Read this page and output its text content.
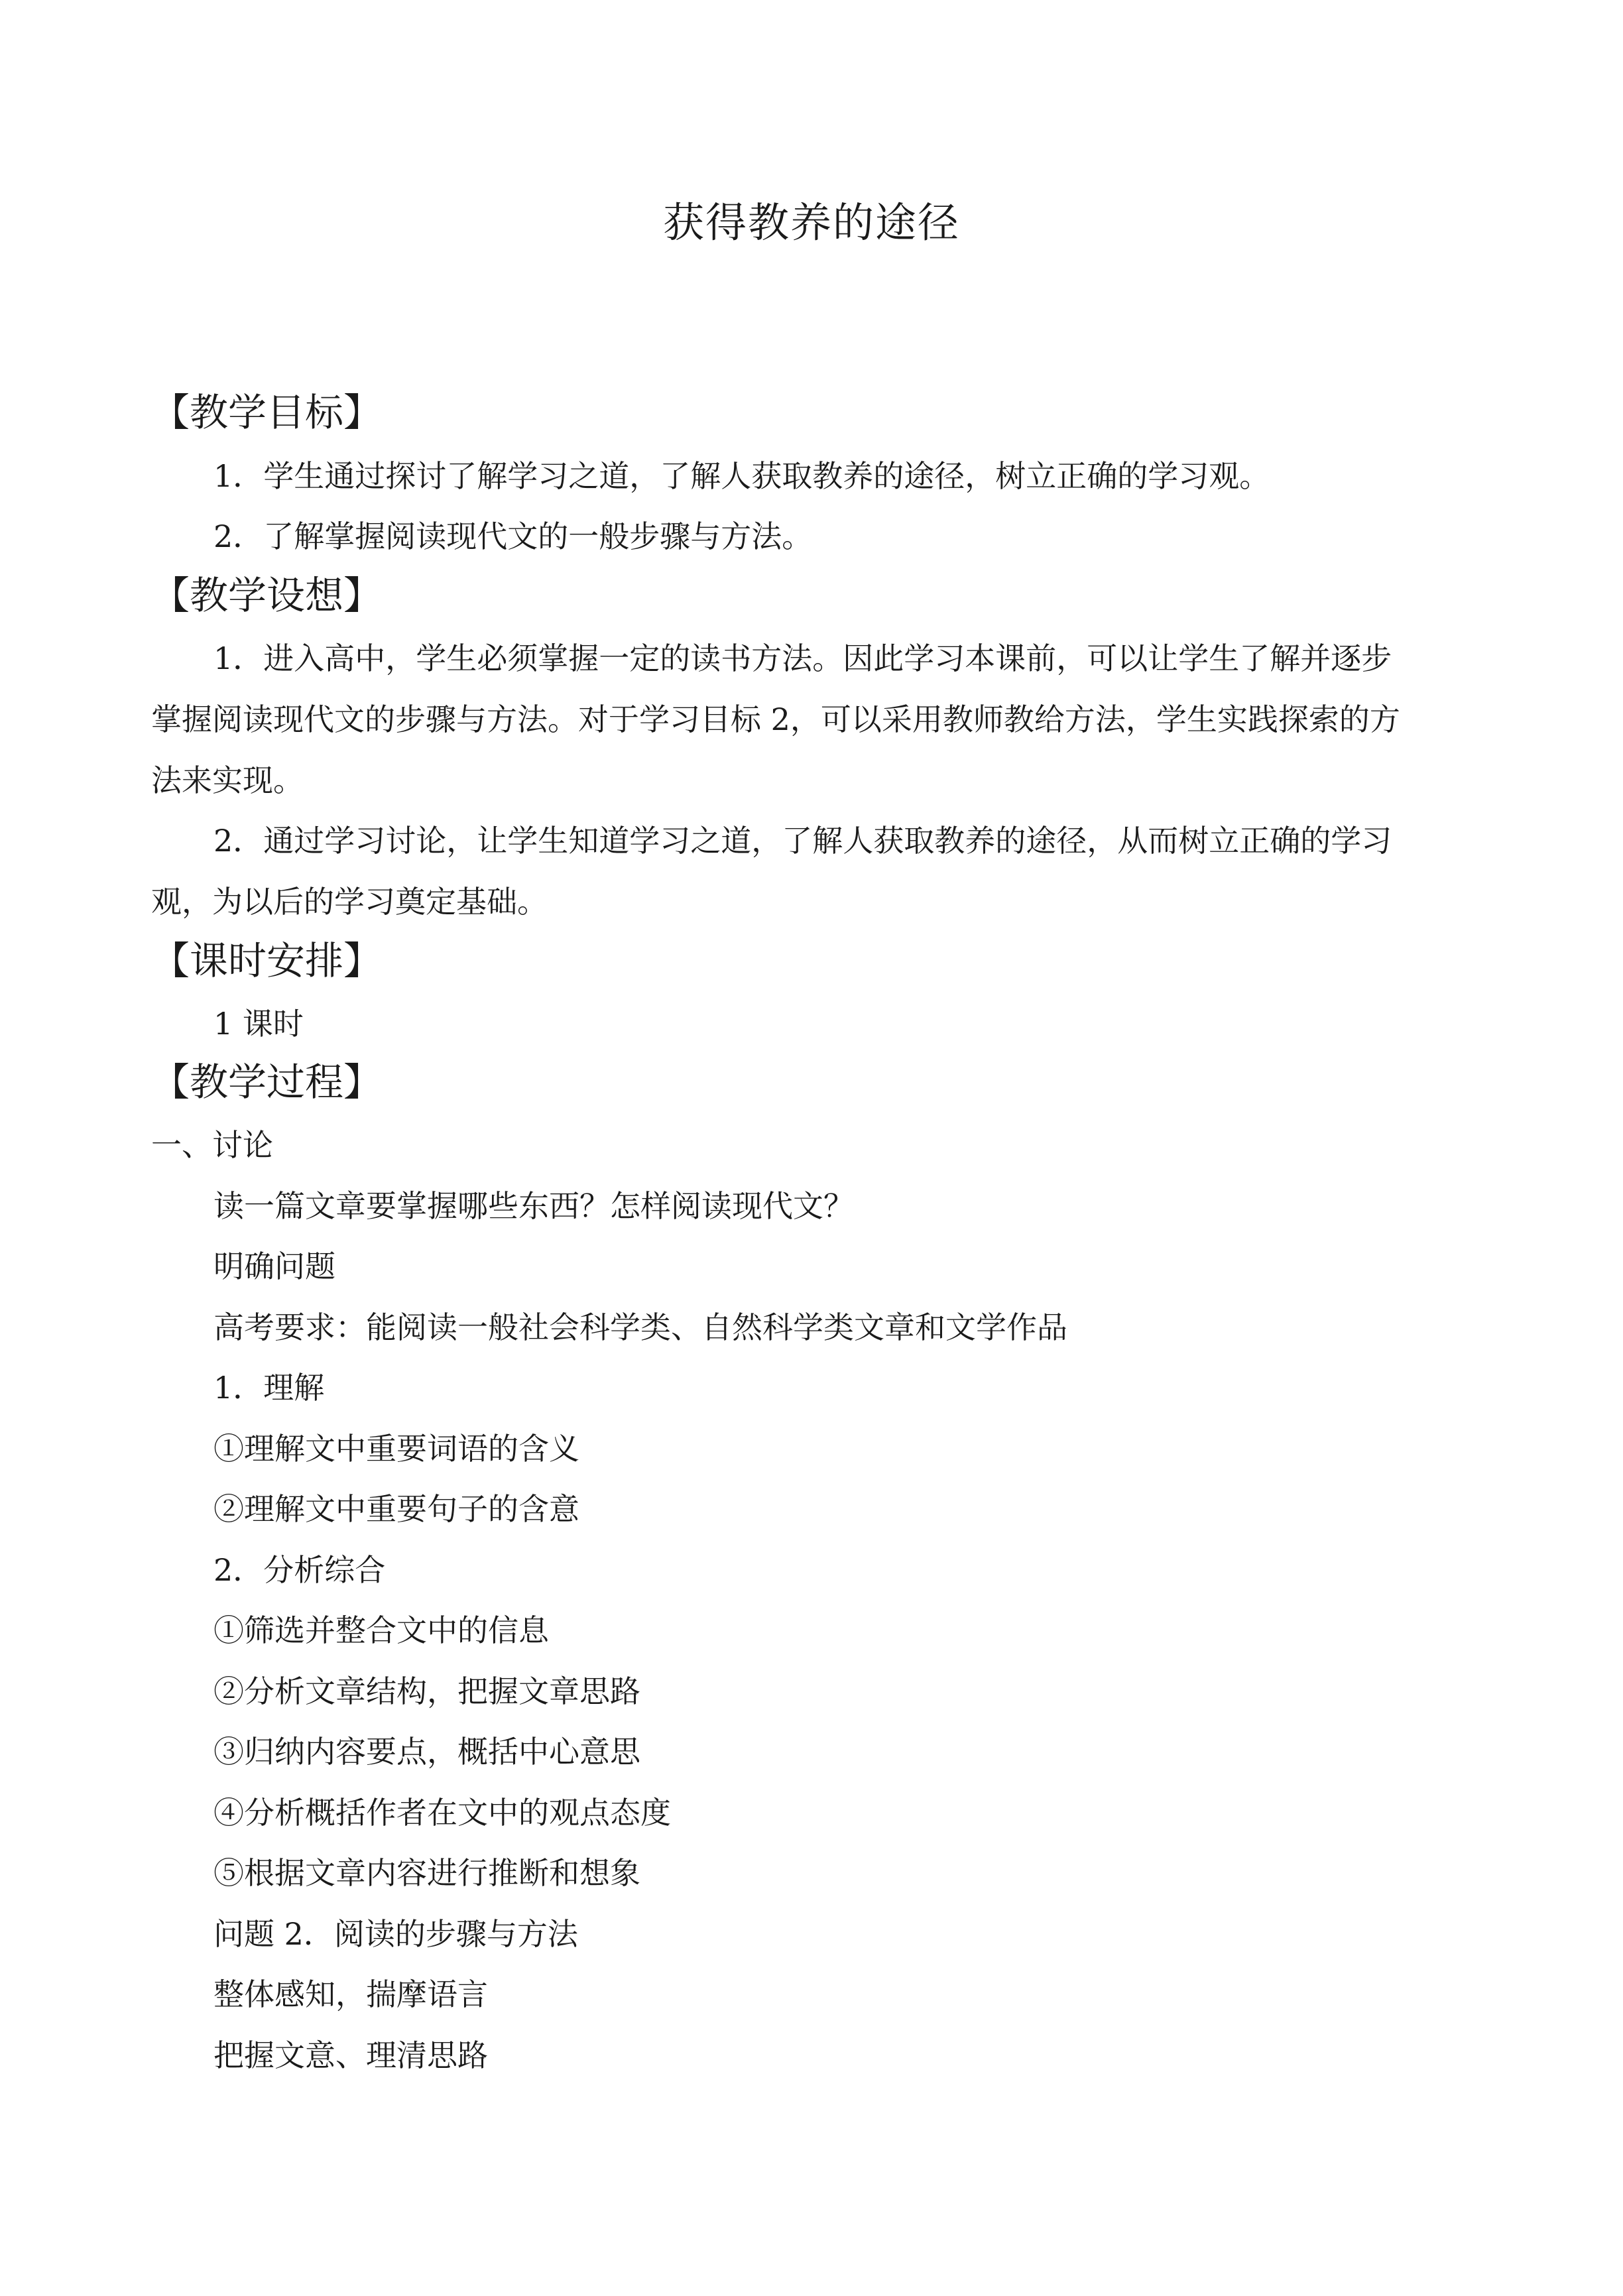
获得教养的途径
【教学目标】
1．学生通过探讨了解学习之道，了解人获取教养的途径，树立正确的学习观。
2．了解掌握阅读现代文的一般步骤与方法。
【教学设想】
1．进入高中，学生必须掌握一定的读书方法。因此学习本课前，可以让学生了解并逐步
掌握阅读现代文的步骤与方法。对于学习目标 2，可以采用教师教给方法，学生实践探索的方
法来实现。
2．通过学习讨论，让学生知道学习之道，了解人获取教养的途径，从而树立正确的学习
观，为以后的学习奠定基础。
【课时安排】
1 课时
【教学过程】
一、讨论
读一篇文章要掌握哪些东西？怎样阅读现代文？
明确问题
高考要求：能阅读一般社会科学类、自然科学类文章和文学作品
1．理解
①理解文中重要词语的含义
②理解文中重要句子的含意
2．分析综合
①筛选并整合文中的信息
②分析文章结构，把握文章思路
③归纳内容要点，概括中心意思
④分析概括作者在文中的观点态度
⑤根据文章内容进行推断和想象
问题 2．阅读的步骤与方法
整体感知，揣摩语言
把握文意、理清思路
